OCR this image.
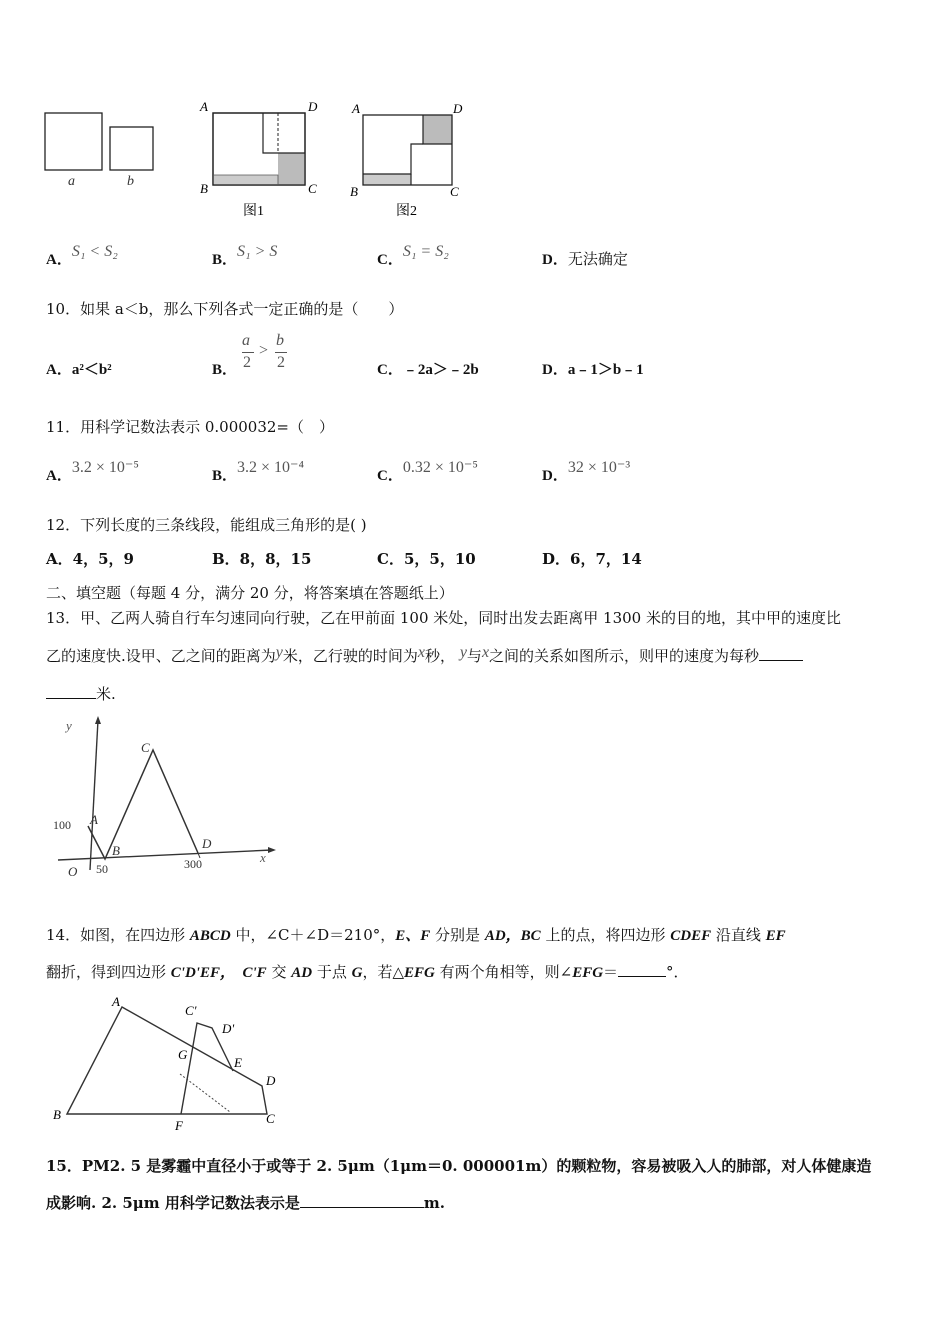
a	b
A	D
B	C
图1
A	D
B	C
图2
A．S₁ < S₂	B．S₁ > S	C．S₁ = S₂	D．无法确定
10．如果 a＜b，那么下列各式一定正确的是（　　）
A．a²＜b²	B．
a
2
>
b
2	C．﹣2a＞﹣2b	D．a﹣1＞b﹣1
11．用科学记数法表示 0.000032=（　）
A．3.2 × 10⁻⁵	B．3.2 × 10⁻⁴	C．0.32 × 10⁻⁵	D．32 × 10⁻³
12．下列长度的三条线段，能组成三角形的是( )
A．4，5，9	B．8，8，15	C．5，5，10	D．6，7，14
二、填空题（每题 4 分，满分 20 分，将答案填在答题纸上）
13．甲、乙两人骑自行车匀速同向行驶，乙在甲前面 100 米处，同时出发去距离甲 1300 米的目的地，其中甲的速度比
乙的速度快.设甲、乙之间的距离为y米，乙行驶的时间为x秒， y与x之间的关系如图所示，则甲的速度为每秒
米.
y
x
O
A
B
C
D
100
50	300
14．如图，在四边形 ABCD 中，∠C＋∠D＝210°，E、F 分别是 AD，BC 上的点，将四边形 CDEF 沿直线 EF
翻折，得到四边形 C'D'EF，　 C'F 交 AD 于点 G，若△EFG 有两个角相等，则∠EFG＝	°．
A
B	C
D
E
F
G
C'
D'
15．PM2. 5 是雾霾中直径小于或等于 2. 5μm（1μm＝0. 000001m）的颗粒物，容易被吸入人的肺部，对人体健康造
成影响. 2. 5μm 用科学记数法表示是	m.
